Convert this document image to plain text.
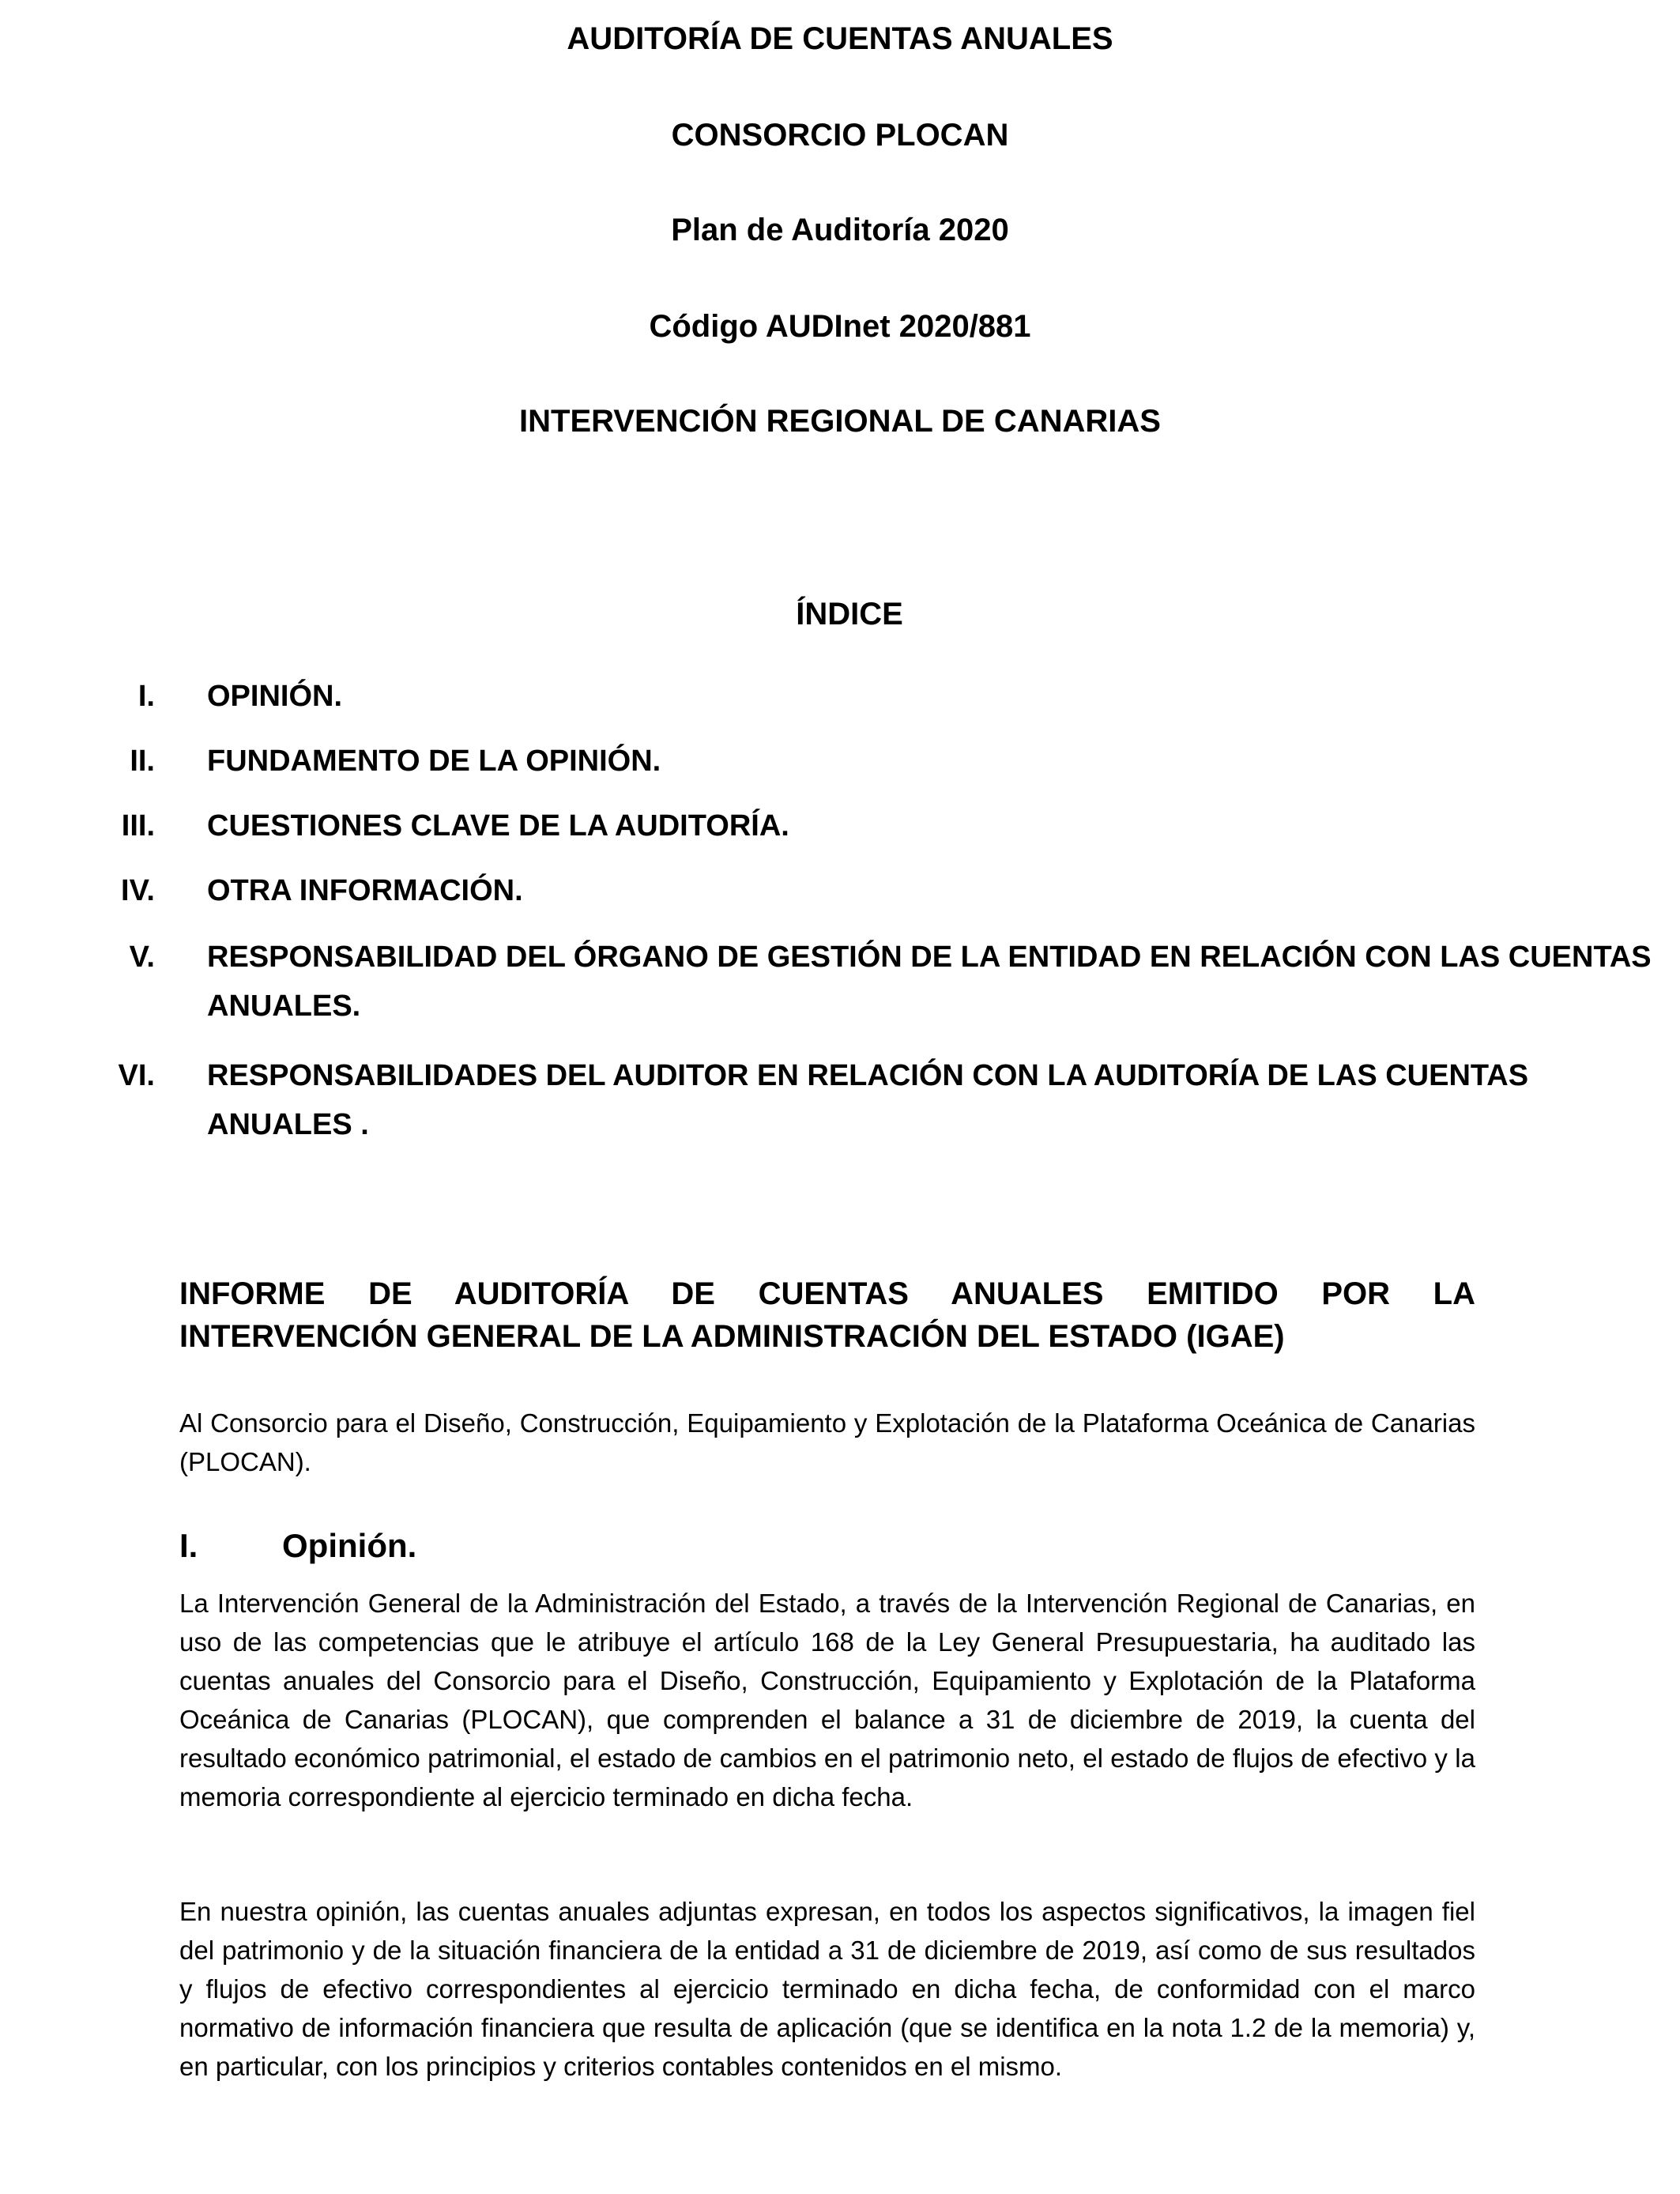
AUDITORÍA DE CUENTAS ANUALES
CONSORCIO PLOCAN
Plan de Auditoría 2020
Código AUDInet 2020/881
INTERVENCIÓN REGIONAL DE CANARIAS
ÍNDICE
I. OPINIÓN.
II. FUNDAMENTO DE LA OPINIÓN.
III. CUESTIONES CLAVE DE LA AUDITORÍA.
IV. OTRA INFORMACIÓN.
V. RESPONSABILIDAD DEL ÓRGANO DE GESTIÓN DE LA ENTIDAD EN RELACIÓN CON LAS CUENTAS ANUALES.
VI. RESPONSABILIDADES DEL AUDITOR EN RELACIÓN CON LA AUDITORÍA DE LAS CUENTAS ANUALES .
INFORME DE AUDITORÍA DE CUENTAS ANUALES EMITIDO POR LA
INTERVENCIÓN GENERAL DE LA ADMINISTRACIÓN DEL ESTADO (IGAE)
Al Consorcio para el Diseño, Construcción, Equipamiento y Explotación de la Plataforma Oceánica de Canarias (PLOCAN).
I.	Opinión.
La Intervención General de la Administración del Estado, a través de la Intervención Regional de Canarias, en uso de las competencias que le atribuye el artículo 168 de la Ley General Presupuestaria, ha auditado las cuentas anuales del Consorcio para el Diseño, Construcción, Equipamiento y Explotación de la Plataforma Oceánica de Canarias (PLOCAN), que comprenden el balance a 31 de diciembre de 2019, la cuenta del resultado económico patrimonial, el estado de cambios en el patrimonio neto, el estado de flujos de efectivo y la memoria correspondiente al ejercicio terminado en dicha fecha.
En nuestra opinión, las cuentas anuales adjuntas expresan, en todos los aspectos significativos, la imagen fiel del patrimonio y de la situación financiera de la entidad a 31 de diciembre de 2019, así como de sus resultados y flujos de efectivo correspondientes al ejercicio terminado en dicha fecha, de conformidad con el marco normativo de información financiera que resulta de aplicación (que se identifica en la nota 1.2 de la memoria) y, en particular, con los principios y criterios contables contenidos en el mismo.
